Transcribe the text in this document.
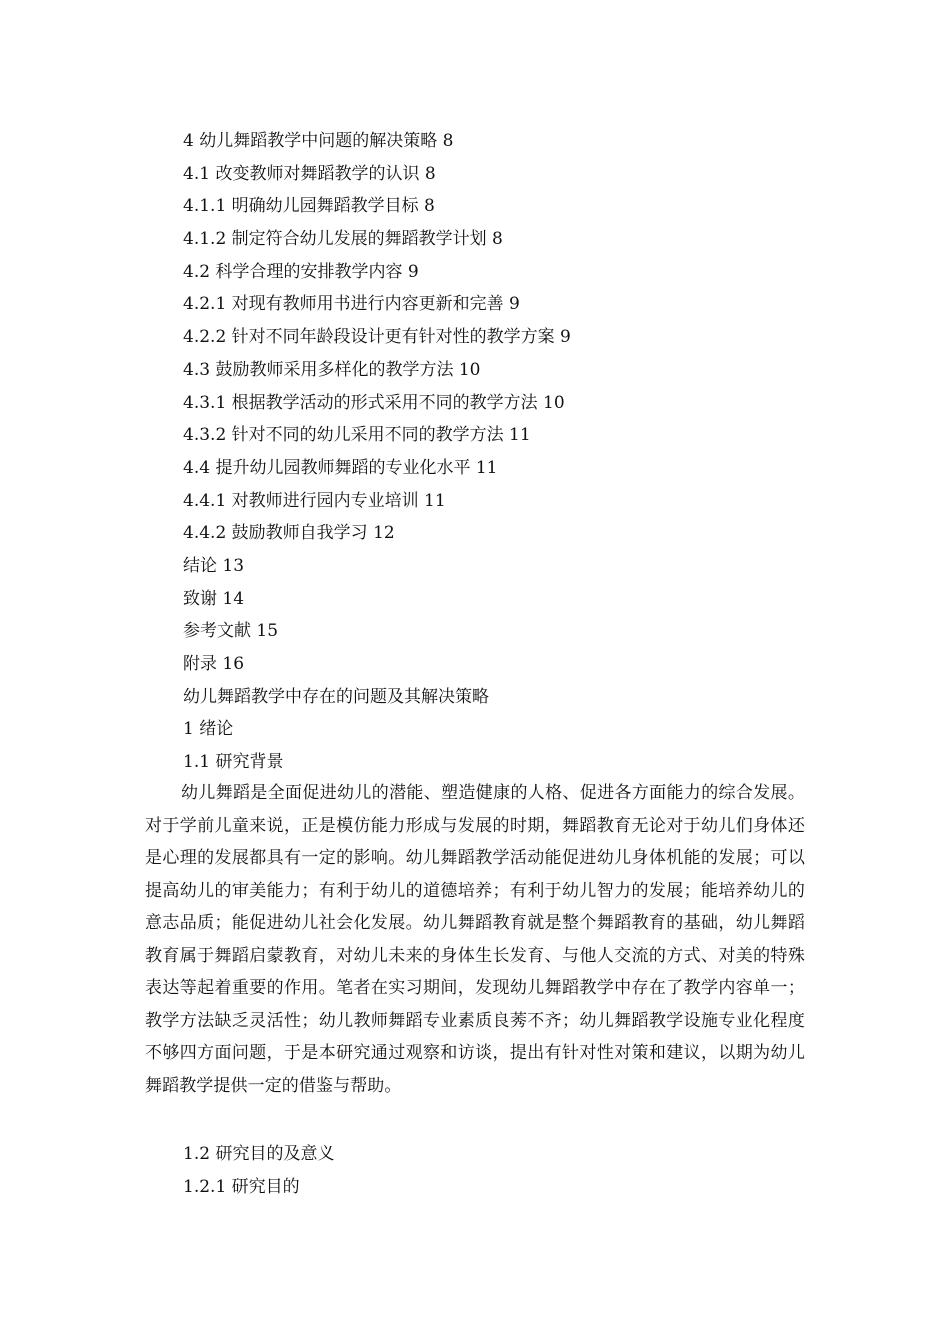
4 幼儿舞蹈教学中问题的解决策略 8
4.1 改变教师对舞蹈教学的认识 8
4.1.1 明确幼儿园舞蹈教学目标 8
4.1.2 制定符合幼儿发展的舞蹈教学计划 8
4.2 科学合理的安排教学内容 9
4.2.1 对现有教师用书进行内容更新和完善 9
4.2.2 针对不同年龄段设计更有针对性的教学方案 9
4.3 鼓励教师采用多样化的教学方法 10
4.3.1 根据教学活动的形式采用不同的教学方法 10
4.3.2 针对不同的幼儿采用不同的教学方法 11
4.4 提升幼儿园教师舞蹈的专业化水平 11
4.4.1 对教师进行园内专业培训 11
4.4.2 鼓励教师自我学习 12
结论 13
致谢 14
参考文献 15
附录 16
幼儿舞蹈教学中存在的问题及其解决策略
1 绪论
1.1 研究背景

幼儿舞蹈是全面促进幼儿的潜能、塑造健康的人格、促进各方面能力的综合发展。对于学前儿童来说，正是模仿能力形成与发展的时期，舞蹈教育无论对于幼儿们身体还是心理的发展都具有一定的影响。幼儿舞蹈教学活动能促进幼儿身体机能的发展；可以提高幼儿的审美能力；有利于幼儿的道德培养；有利于幼儿智力的发展；能培养幼儿的意志品质；能促进幼儿社会化发展。幼儿舞蹈教育就是整个舞蹈教育的基础，幼儿舞蹈教育属于舞蹈启蒙教育，对幼儿未来的身体生长发育、与他人交流的方式、对美的特殊表达等起着重要的作用。笔者在实习期间，发现幼儿舞蹈教学中存在了教学内容单一；教学方法缺乏灵活性；幼儿教师舞蹈专业素质良莠不齐；幼儿舞蹈教学设施专业化程度不够四方面问题，于是本研究通过观察和访谈，提出有针对性对策和建议，以期为幼儿舞蹈教学提供一定的借鉴与帮助。

1.2 研究目的及意义
1.2.1 研究目的
